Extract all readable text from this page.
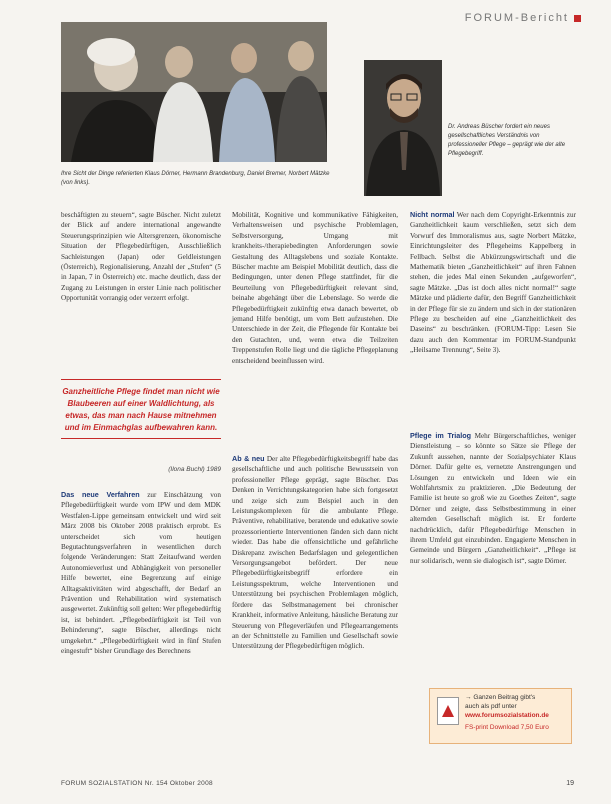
FORUM-Bericht
Ihre Sicht der Dinge referierten Klaus Dörner, Hermann Brandenburg, Daniel Bremer, Norbert Mätzke (von links).
Dr. Andreas Büscher fordert ein neues gesellschaftliches Verständnis von professioneller Pflege – geprägt wie der alte Pflegebegriff.

beschäftigten zu steuern“, sagte Büscher. Nicht zuletzt der Blick auf andere international angewandte Steuerungsprinzipien wie Altersgrenzen, ökonomische Situation der Pflegebedürftigen, Ausschließlich Sachleistungen (Japan) oder Geldleistungen (Österreich), Regionalisierung, Anzahl der „Stufen“ (5 in Japan, 7 in Österreich) etc. mache deutlich, dass der Zugang zu Leistungen in erster Linie nach politischer Opportunität vorrangig oder verzerrt erfolgt.

Ganzheitliche Pflege findet man nicht wie Blaubeeren auf einer Waldlichtung, als etwas, das man nach Hause mitnehmen und im Einmachglas aufbewahren kann.

(Ilona Buchl) 1989

Das neue Verfahren zur Einschätzung von Pflegebedürftigkeit wurde vom IPW und dem MDK Westfalen-Lippe gemeinsam entwickelt und wird seit März 2008 bis Oktober 2008 praktisch erprobt. Es unterscheidet sich vom heutigen Begutachtungsverfahren in wesentlichen durch folgende Veränderungen: Statt Zeitaufwand werden Autonomieverlust und Abhängigkeit von personeller Hilfe bewertet, eine Begrenzung auf einige Alltagsaktivitäten wird abgeschafft, der Bedarf an Prävention und Rehabilitation wird systematisch ausgewertet. Zukünftig soll gelten: Wer pflegebedürftig ist, ist behindert. „Pflegebedürftigkeit ist Teil von Behinderung“, sagte Büscher, allerdings nicht umgekehrt.“ „Pflegebedürftigkeit wird in fünf Stufen eingestuft“ bisher Grundlage des Berechnens

Mobilität, Kognitive und kommunikative Fähigkeiten, Verhaltensweisen und psychische Problemlagen, Selbstversorgung, Umgang mit krankheits-/therapiebedingten Anforderungen sowie Gestaltung des Alltagslebens und soziale Kontakte. Büscher machte am Beispiel Mobilität deutlich, dass die Bedingungen, unter denen Pflege stattfindet, für die Beurteilung von Pflegebedürftigkeit relevant sind, beinahe abgehängt über die Lebenslage. So werde die Pflegebedürftigkeit zukünftig etwa danach bewertet, ob jemand Hilfe benötigt, um vom Bett aufzustehen. Die Unterschiede in der Zeit, die Pflegende für Kontakte bei den Gutachten, und, wenn etwa die Teilzeiten Treppenstufen Rolle liegt und die tägliche Pflegeplanung entscheidend beeinflussen wird.

Ab & neu Der alte Pflegebedürftigkeitsbegriff habe das gesellschaftliche und auch politische Bewusstsein von professioneller Pflege geprägt, sagte Büscher. Das Denken in Verrichtungskategorien habe sich fortgesetzt und zeige sich zum Beispiel auch in den Leistungskomplexen für die ambulante Pflege. Präventive, rehabilitative, beratende und edukative sowie prozessorientierte Interventionen fänden sich dann nicht wieder. Das habe die offensichtliche und gefährliche Diskrepanz zwischen Bedarfslagen und gelegentlichen Versorgungsangebot befördert. Der neue Pflegebedürftigkeitsbegriff erfordere ein Leistungsspektrum, welche Interventionen und Unterstützung bei psychischen Problemlagen möglich, fördere das Selbstmanagement bei chronischer Krankheit, informative Anleitung, häusliche Beratung zur Steuerung von Pflegeverläufen und Pflegearrangements an der Schnittstelle zu Familien und Gesellschaft sowie Unterstützung der Pflegebedürftigen möglich.

Nicht normal Wer nach dem Copyright-Erkenntnis zur Ganzheitlichkeit kaum verschließen, setzt sich dem Vorwurf des Immoralismus aus, sagte Norbert Mätzke, Einrichtungsleiter des Pflegeheims Kappelberg in Fellbach. Selbst die Abkürzungswirtschaft und die Mathematik bieten „Ganzheitlichkeit“ auf ihren Fahnen stehen, die jedes Mal einen Sekunden „aufgeworfen“, sagte Mätzke. „Das ist doch alles nicht normal!“ sagte Mätzke und plädierte dafür, den Begriff Ganzheitlichkeit in der Pflege für sie zu ändern und sich in der stationären Pflege zu bescheiden auf eine „Ganzheitlichkeit des Daseins“ zu beschränken. (FORUM-Tipp: Lesen Sie dazu auch den Kommentar im FORUM-Standpunkt „Heilsame Trennung“, Seite 3).

Pflege im Trialog Mehr Bürgerschaftliches, weniger Dienstleistung – so könnte so Sätze sie Pflege der Zukunft aussehen, nannte der Sozialpsychiater Klaus Dörner. Dafür gelte es, vernetzte Anstrengungen und Lösungen zu entwickeln und Ideen wie ein Wohlfahrtsmix zu praktizieren. „Die Bedeutung der Familie ist heute so groß wie zu Goethes Zeiten“, sagte Dörner und zeigte, dass Selbstbestimmung in einer alternden Gesellschaft möglich ist. Er forderte nachdrücklich, dafür Pflegebedürftige Menschen in ihrem Umfeld gut einzubinden. Engagierte Menschen in Gemeinde und Bürgern „Ganzheitlichkeit“. „Pflege ist nur solidarisch, wenn sie dialogisch ist“, sagte Dörner.

→ Ganzen Beitrag gibt's
auch als pdf unter
www.forumsozialstation.de
FS-print Download 7,50 Euro
FORUM SOZIALSTATION Nr. 154 Oktober 2008	19
